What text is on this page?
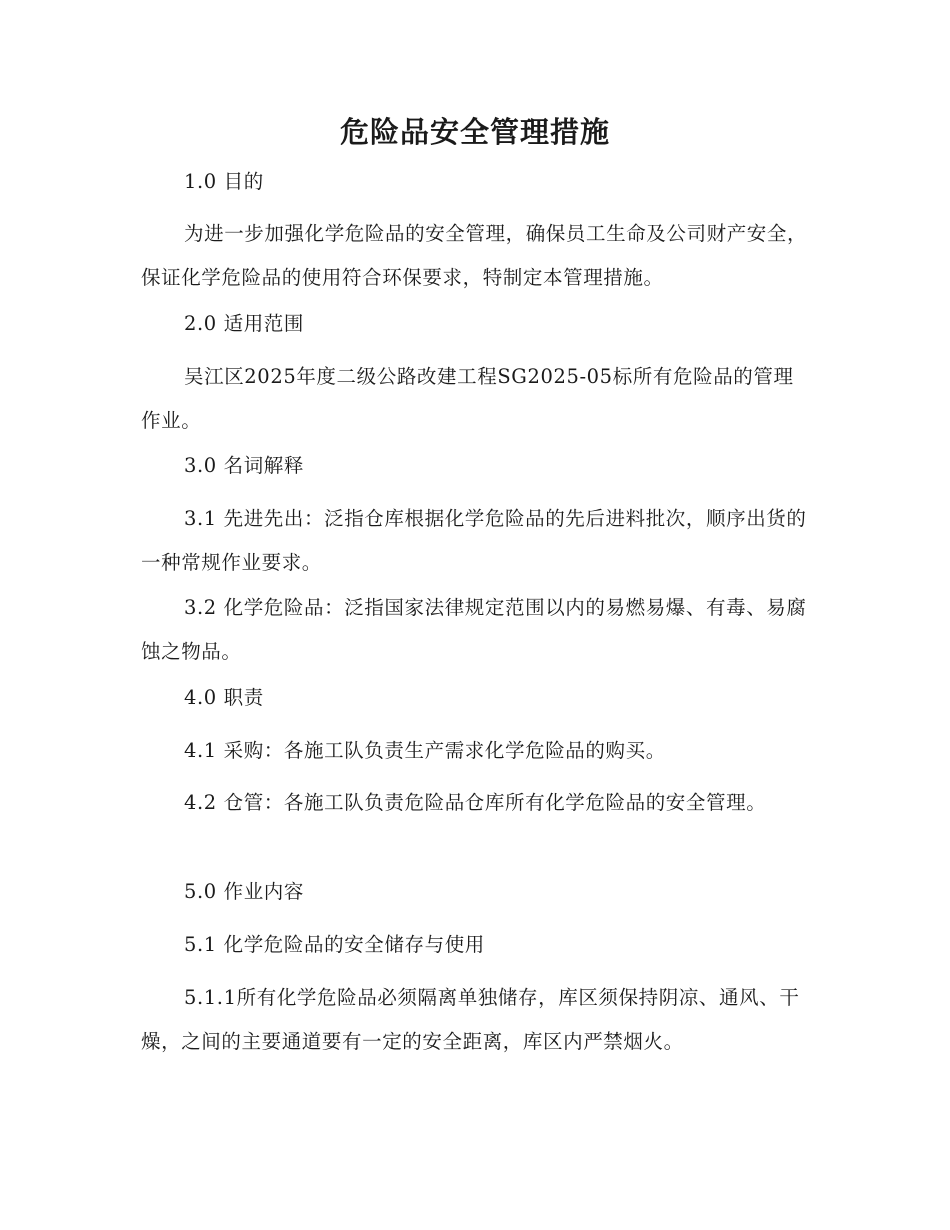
危险品安全管理措施
1.0 目的
为进一步加强化学危险品的安全管理，确保员工生命及公司财产安全，保证化学危险品的使用符合环保要求，特制定本管理措施。
2.0 适用范围
吴江区2025年度二级公路改建工程SG2025-05标所有危险品的管理作业。
3.0 名词解释
3.1 先进先出：泛指仓库根据化学危险品的先后进料批次，顺序出货的一种常规作业要求。
3.2 化学危险品：泛指国家法律规定范围以内的易燃易爆、有毒、易腐蚀之物品。
4.0 职责
4.1 采购：各施工队负责生产需求化学危险品的购买。
4.2 仓管：各施工队负责危险品仓库所有化学危险品的安全管理。
5.0 作业内容
5.1 化学危险品的安全储存与使用
5.1.1所有化学危险品必须隔离单独储存，库区须保持阴凉、通风、干燥，之间的主要通道要有一定的安全距离，库区内严禁烟火。
